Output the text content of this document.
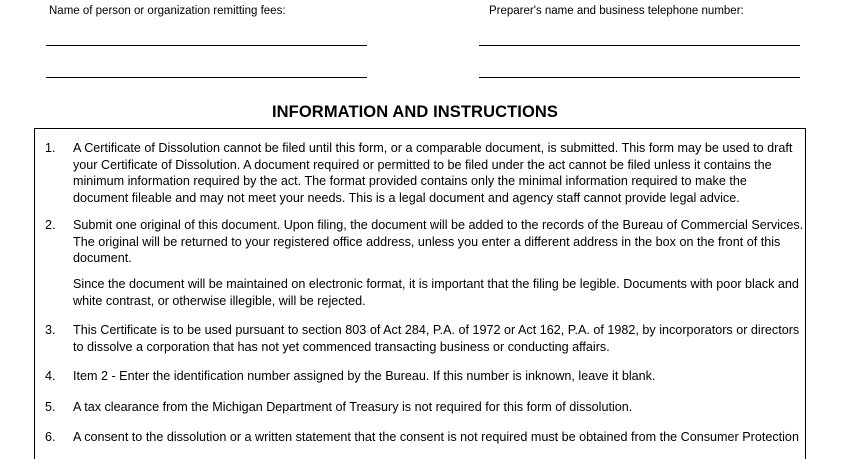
Name of person or organization remitting fees:	Preparer's name and business telephone number:
INFORMATION AND INSTRUCTIONS
1. A Certificate of Dissolution cannot be filed until this form, or a comparable document, is submitted. This form may be used to draft
your Certificate of Dissolution. A document required or permitted to be filed under the act cannot be filed unless it contains the
minimum information required by the act. The format provided contains only the minimal information required to make the
document fileable and may not meet your needs. This is a legal document and agency staff cannot provide legal advice.
2. Submit one original of this document. Upon filing, the document will be added to the records of the Bureau of Commercial Services.
The original will be returned to your registered office address, unless you enter a different address in the box on the front of this
document.
Since the document will be maintained on electronic format, it is important that the filing be legible. Documents with poor black and
white contrast, or otherwise illegible, will be rejected.
3. This Certificate is to be used pursuant to section 803 of Act 284, P.A. of 1972 or Act 162, P.A. of 1982, by incorporators or directors
to dissolve a corporation that has not yet commenced transacting business or conducting affairs.
4. Item 2 - Enter the identification number assigned by the Bureau. If this number is inknown, leave it blank.
5. A tax clearance from the Michigan Department of Treasury is not required for this form of dissolution.
6. A consent to the dissolution or a written statement that the consent is not required must be obtained from the Consumer Protection
